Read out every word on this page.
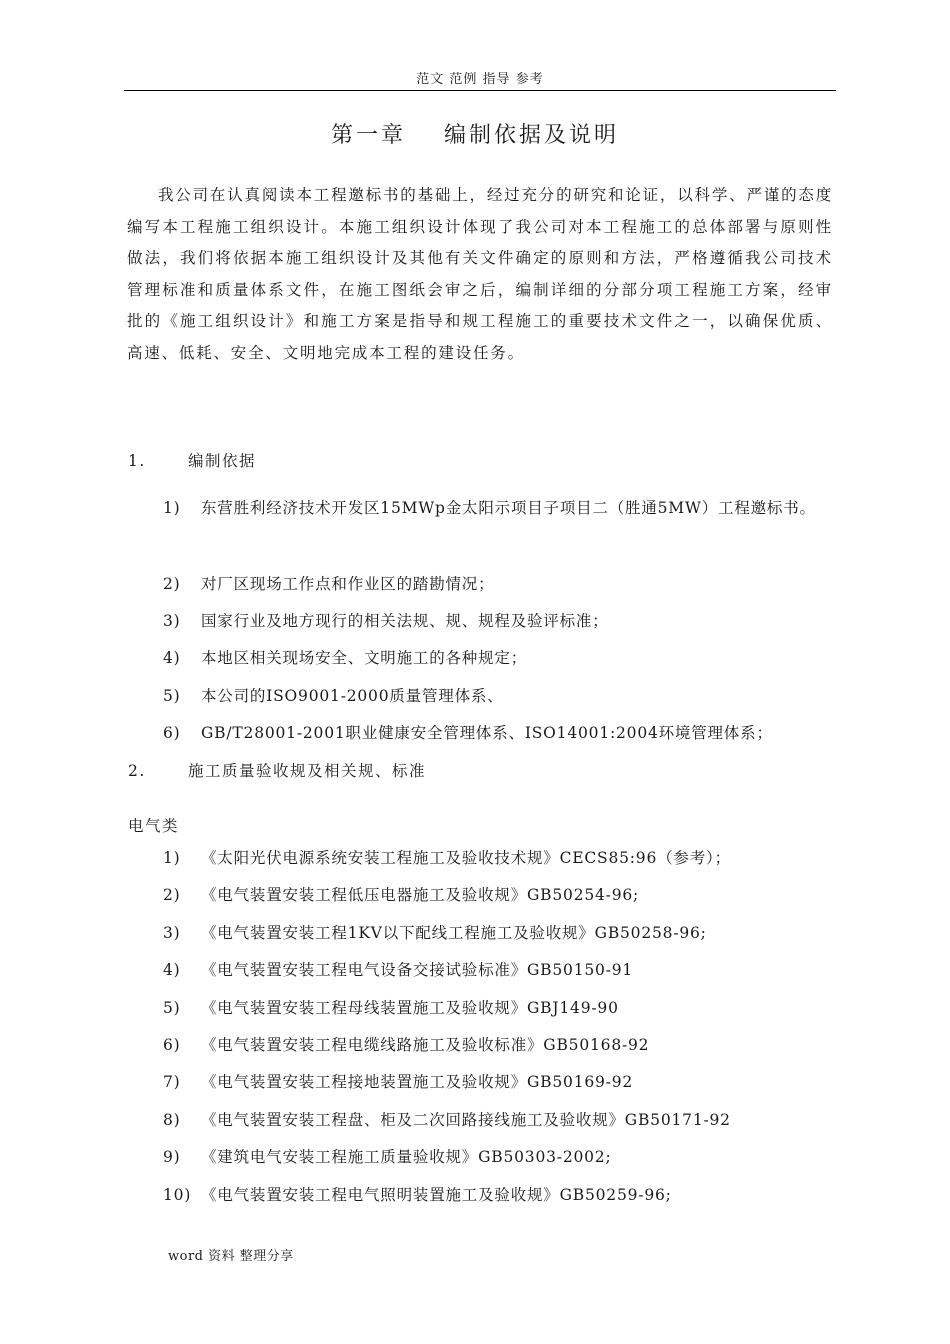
范文 范例 指导 参考
第一章 编制依据及说明

我公司在认真阅读本工程邀标书的基础上，经过充分的研究和论证，以科学、严谨的态度编写本工程施工组织设计。本施工组织设计体现了我公司对本工程施工的总体部署与原则性做法，我们将依据本施工组织设计及其他有关文件确定的原则和方法，严格遵循我公司技术管理标准和质量体系文件，在施工图纸会审之后，编制详细的分部分项工程施工方案，经审批的《施工组织设计》和施工方案是指导和规工程施工的重要技术文件之一，以确保优质、高速、低耗、安全、文明地完成本工程的建设任务。

1.	编制依据
1) 东营胜利经济技术开发区15MWp金太阳示项目子项目二（胜通5MW）工程邀标书。
2) 对厂区现场工作点和作业区的踏勘情况；
3) 国家行业及地方现行的相关法规、规、规程及验评标准；
4) 本地区相关现场安全、文明施工的各种规定；
5) 本公司的ISO9001-2000质量管理体系、
6) GB/T28001-2001职业健康安全管理体系、ISO14001:2004环境管理体系；
2.	施工质量验收规及相关规、标准
电气类
1) 《太阳光伏电源系统安装工程施工及验收技术规》CECS85:96（参考）；
2) 《电气装置安装工程低压电器施工及验收规》GB50254-96;
3) 《电气装置安装工程1KV以下配线工程施工及验收规》GB50258-96;
4) 《电气装置安装工程电气设备交接试验标准》GB50150-91
5) 《电气装置安装工程母线装置施工及验收规》GBJ149-90
6) 《电气装置安装工程电缆线路施工及验收标准》GB50168-92
7) 《电气装置安装工程接地装置施工及验收规》GB50169-92
8) 《电气装置安装工程盘、柜及二次回路接线施工及验收规》GB50171-92
9) 《建筑电气安装工程施工质量验收规》GB50303-2002;
10) 《电气装置安装工程电气照明装置施工及验收规》GB50259-96;
word 资料 整理分享
